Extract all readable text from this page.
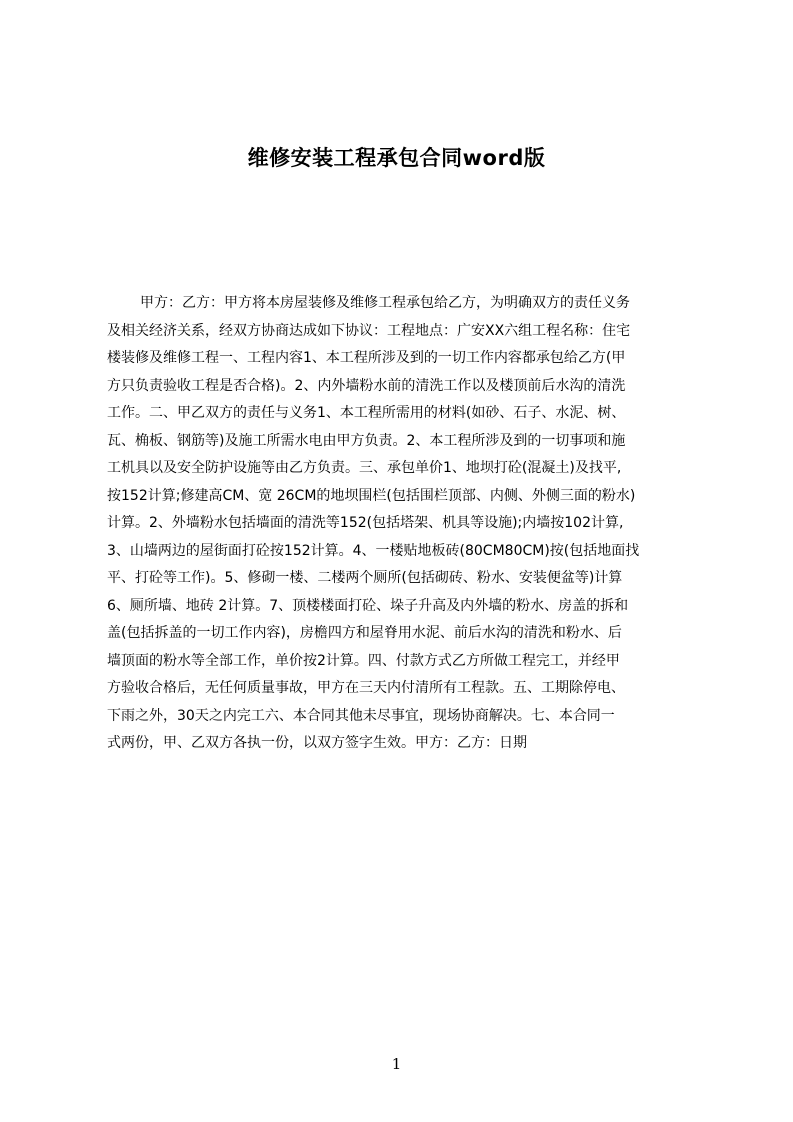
维修安装工程承包合同word版
甲方：乙方：甲方将本房屋装修及维修工程承包给乙方，为明确双方的责任义务
及相关经济关系，经双方协商达成如下协议：工程地点：广安XX六组工程名称：住宅
楼装修及维修工程一、工程内容1、本工程所涉及到的一切工作内容都承包给乙方(甲
方只负责验收工程是否合格)。2、内外墙粉水前的清洗工作以及楼顶前后水沟的清洗
工作。二、甲乙双方的责任与义务1、本工程所需用的材料(如砂、石子、水泥、树、
瓦、桷板、钢筋等)及施工所需水电由甲方负责。2、本工程所涉及到的一切事项和施
工机具以及安全防护设施等由乙方负责。三、承包单价1、地坝打砼(混凝土)及找平,
按152计算;修建高CM、宽 26CM的地坝围栏(包括围栏顶部、内侧、外侧三面的粉水)
计算。2、外墙粉水包括墙面的清洗等152(包括塔架、机具等设施);内墙按102计算,
3、山墙两边的屋街面打砼按152计算。4、一楼贴地板砖(80CM80CM)按(包括地面找
平、打砼等工作)。5、修砌一楼、二楼两个厕所(包括砌砖、粉水、安装便盆等)计算
6、厕所墙、地砖 2计算。7、顶楼楼面打砼、垛子升高及内外墙的粉水、房盖的拆和
盖(包括拆盖的一切工作内容)，房檐四方和屋脊用水泥、前后水沟的清洗和粉水、后
墙顶面的粉水等全部工作，单价按2计算。四、付款方式乙方所做工程完工，并经甲
方验收合格后，无任何质量事故，甲方在三天内付清所有工程款。五、工期除停电、
下雨之外，30天之内完工六、本合同其他未尽事宜，现场协商解决。七、本合同一
式两份，甲、乙双方各执一份，以双方签字生效。甲方：乙方：日期
1
